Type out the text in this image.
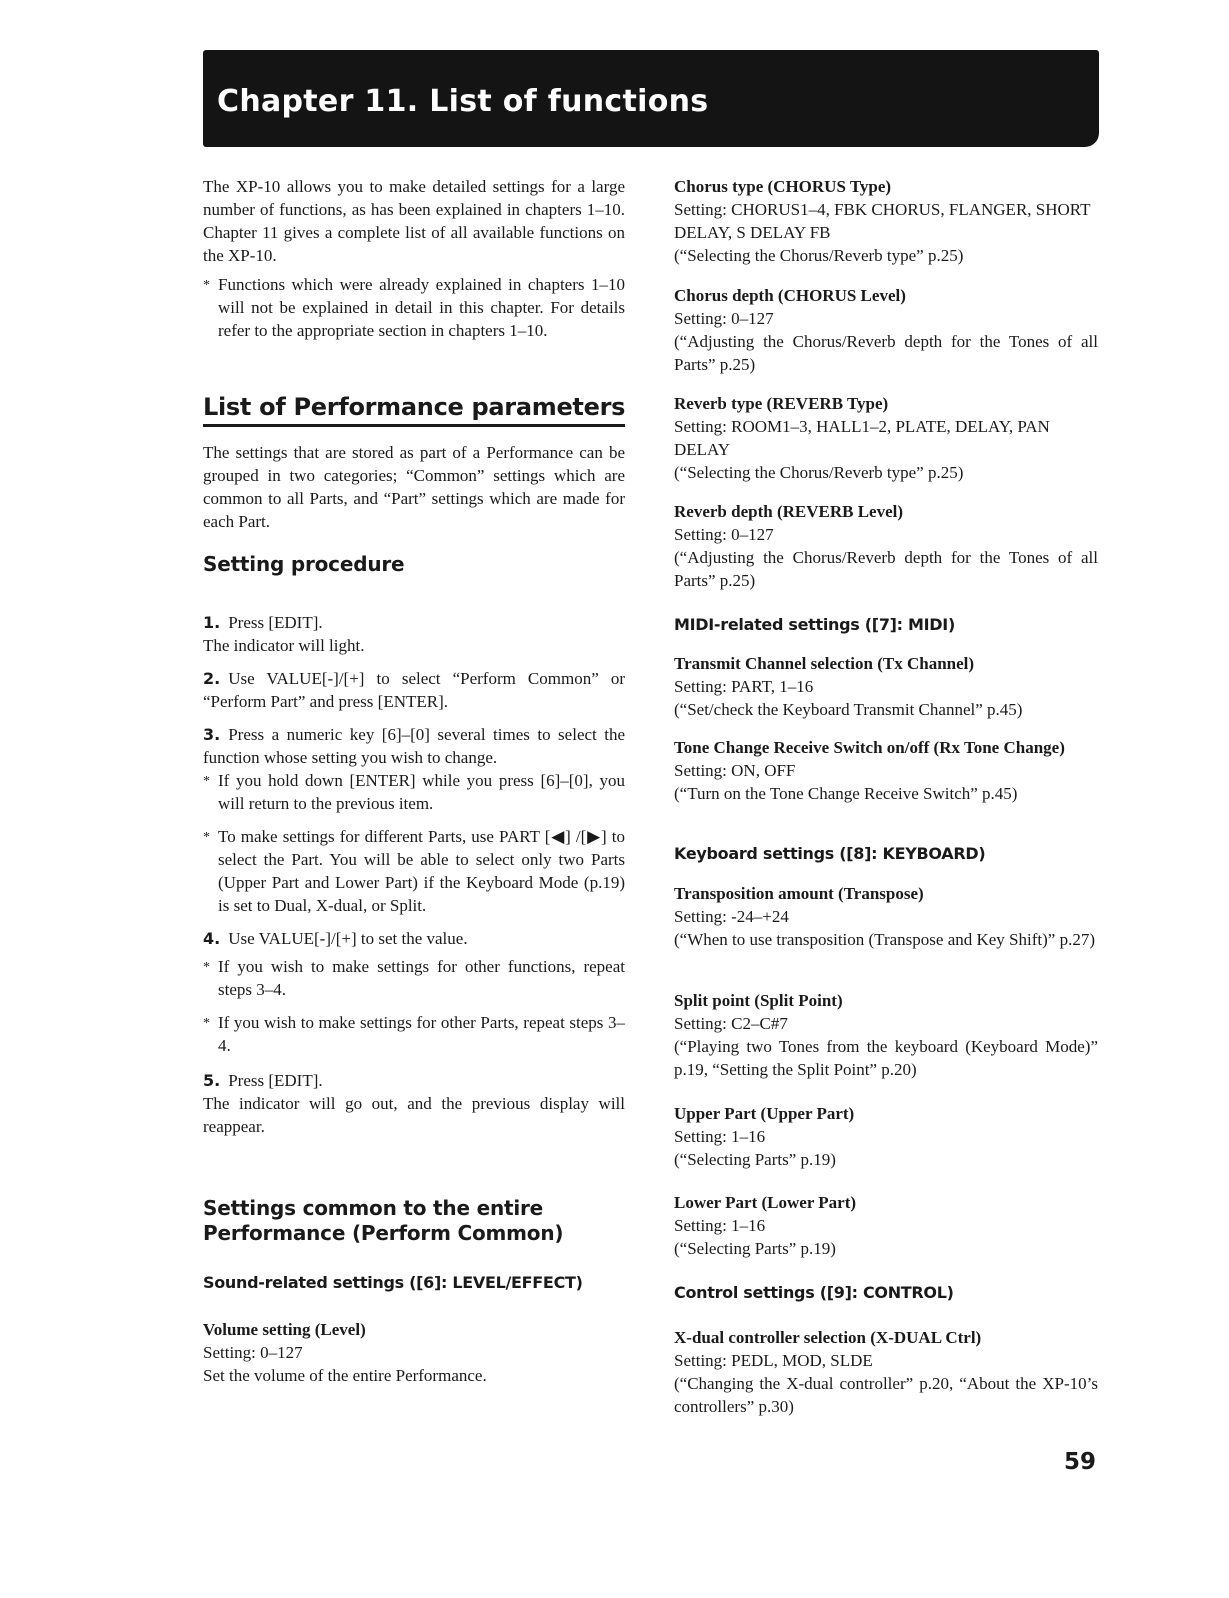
Chapter 11. List of functions

The XP-10 allows you to make detailed settings for a large number of functions, as has been explained in chapters 1–10. Chapter 11 gives a complete list of all available functions on the XP-10.

* Functions which were already explained in chapters 1–10 will not be explained in detail in this chapter. For details refer to the appropriate section in chapters 1–10.

List of Performance parameters

The settings that are stored as part of a Performance can be grouped in two categories; “Common” settings which are common to all Parts, and “Part” settings which are made for each Part.

Setting procedure

1. Press [EDIT].

The indicator will light.

2. Use VALUE[-]/[+] to select “Perform Common” or “Perform Part” and press [ENTER].

3. Press a numeric key [6]–[0] several times to select the function whose setting you wish to change.

* If you hold down [ENTER] while you press [6]–[0], you will return to the previous item.

* To make settings for different Parts, use PART [◀] /[▶] to select the Part. You will be able to select only two Parts (Upper Part and Lower Part) if the Keyboard Mode (p.19) is set to Dual, X-dual, or Split.

4. Use VALUE[-]/[+] to set the value.

* If you wish to make settings for other functions, repeat steps 3–4.

* If you wish to make settings for other Parts, repeat steps 3–4.

5. Press [EDIT].

The indicator will go out, and the previous display will reappear.

Settings common to the entire Performance (Perform Common)
Sound-related settings ([6]: LEVEL/EFFECT)

Volume setting (Level)

Setting: 0–127

Set the volume of the entire Performance.

Chorus type (CHORUS Type)

Setting: CHORUS1–4, FBK CHORUS, FLANGER, SHORT DELAY, S DELAY FB

(“Selecting the Chorus/Reverb type” p.25)

Chorus depth (CHORUS Level)

Setting: 0–127

(“Adjusting the Chorus/Reverb depth for the Tones of all Parts” p.25)

Reverb type (REVERB Type)

Setting: ROOM1–3, HALL1–2, PLATE, DELAY, PAN DELAY

(“Selecting the Chorus/Reverb type” p.25)

Reverb depth (REVERB Level)

Setting: 0–127

(“Adjusting the Chorus/Reverb depth for the Tones of all Parts” p.25)

MIDI-related settings ([7]: MIDI)

Transmit Channel selection (Tx Channel)

Setting: PART, 1–16

(“Set/check the Keyboard Transmit Channel” p.45)

Tone Change Receive Switch on/off (Rx Tone Change)

Setting: ON, OFF

(“Turn on the Tone Change Receive Switch” p.45)

Keyboard settings ([8]: KEYBOARD)

Transposition amount (Transpose)

Setting: -24–+24

(“When to use transposition (Transpose and Key Shift)” p.27)

Split point (Split Point)

Setting: C2–C#7

(“Playing two Tones from the keyboard (Keyboard Mode)” p.19, “Setting the Split Point” p.20)

Upper Part (Upper Part)

Setting: 1–16

(“Selecting Parts” p.19)

Lower Part (Lower Part)

Setting: 1–16

(“Selecting Parts” p.19)

Control settings ([9]: CONTROL)

X-dual controller selection (X-DUAL Ctrl)

Setting: PEDL, MOD, SLDE

(“Changing the X-dual controller” p.20, “About the XP-10’s controllers” p.30)

59
